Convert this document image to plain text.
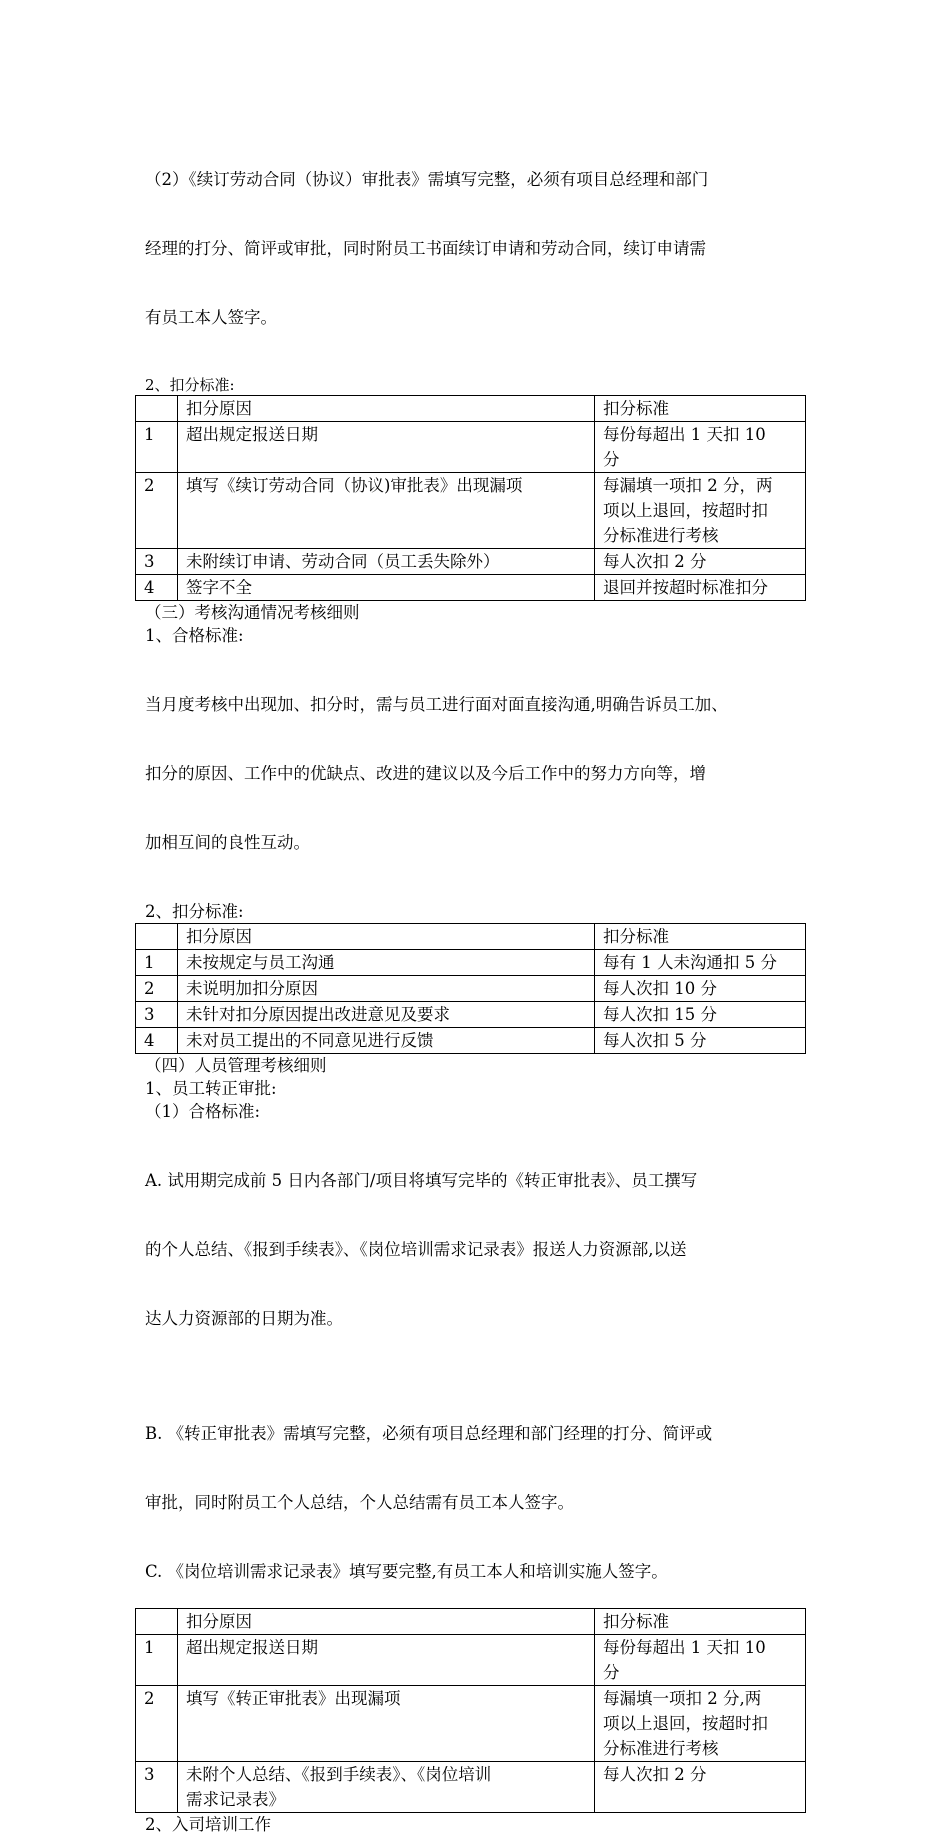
（2）《续订劳动合同（协议）审批表》需填写完整，必须有项目总经理和部门

经理的打分、简评或审批，同时附员工书面续订申请和劳动合同，续订申请需

有员工本人签字。

2、扣分标准:
	扣分原因	扣分标准
1	超出规定报送日期	每份每超出 1 天扣 10
分

2	填写《续订劳动合同（协议)审批表》出现漏项	每漏填一项扣 2 分，两
项以上退回，按超时扣
分标准进行考核

3	未附续订申请、劳动合同（员工丢失除外）	每人次扣 2 分
4	签字不全	退回并按超时标准扣分
（三）考核沟通情况考核细则
1、合格标准:

当月度考核中出现加、扣分时，需与员工进行面对面直接沟通,明确告诉员工加、

扣分的原因、工作中的优缺点、改进的建议以及今后工作中的努力方向等，增

加相互间的良性互动。

2、扣分标准:
	扣分原因	扣分标准
1	未按规定与员工沟通	每有 1 人未沟通扣 5 分
2	未说明加扣分原因	每人次扣 10 分
3	未针对扣分原因提出改进意见及要求	每人次扣 15 分
4	未对员工提出的不同意见进行反馈	每人次扣 5 分
（四）人员管理考核细则
1、员工转正审批:
（1）合格标准:

A. 试用期完成前 5 日内各部门/项目将填写完毕的《转正审批表》、员工撰写

的个人总结、《报到手续表》、《岗位培训需求记录表》报送人力资源部,以送

达人力资源部的日期为准。

B. 《转正审批表》需填写完整，必须有项目总经理和部门经理的打分、简评或

审批，同时附员工个人总结，个人总结需有员工本人签字。

C. 《岗位培训需求记录表》填写要完整,有员工本人和培训实施人签字。
	扣分原因	扣分标准
1	超出规定报送日期	每份每超出 1 天扣 10
分

2	填写《转正审批表》出现漏项	每漏填一项扣 2 分,两
项以上退回，按超时扣
分标准进行考核

3	未附个人总结、《报到手续表》、《岗位培训
需求记录表》	每人次扣 2 分
2、入司培训工作
